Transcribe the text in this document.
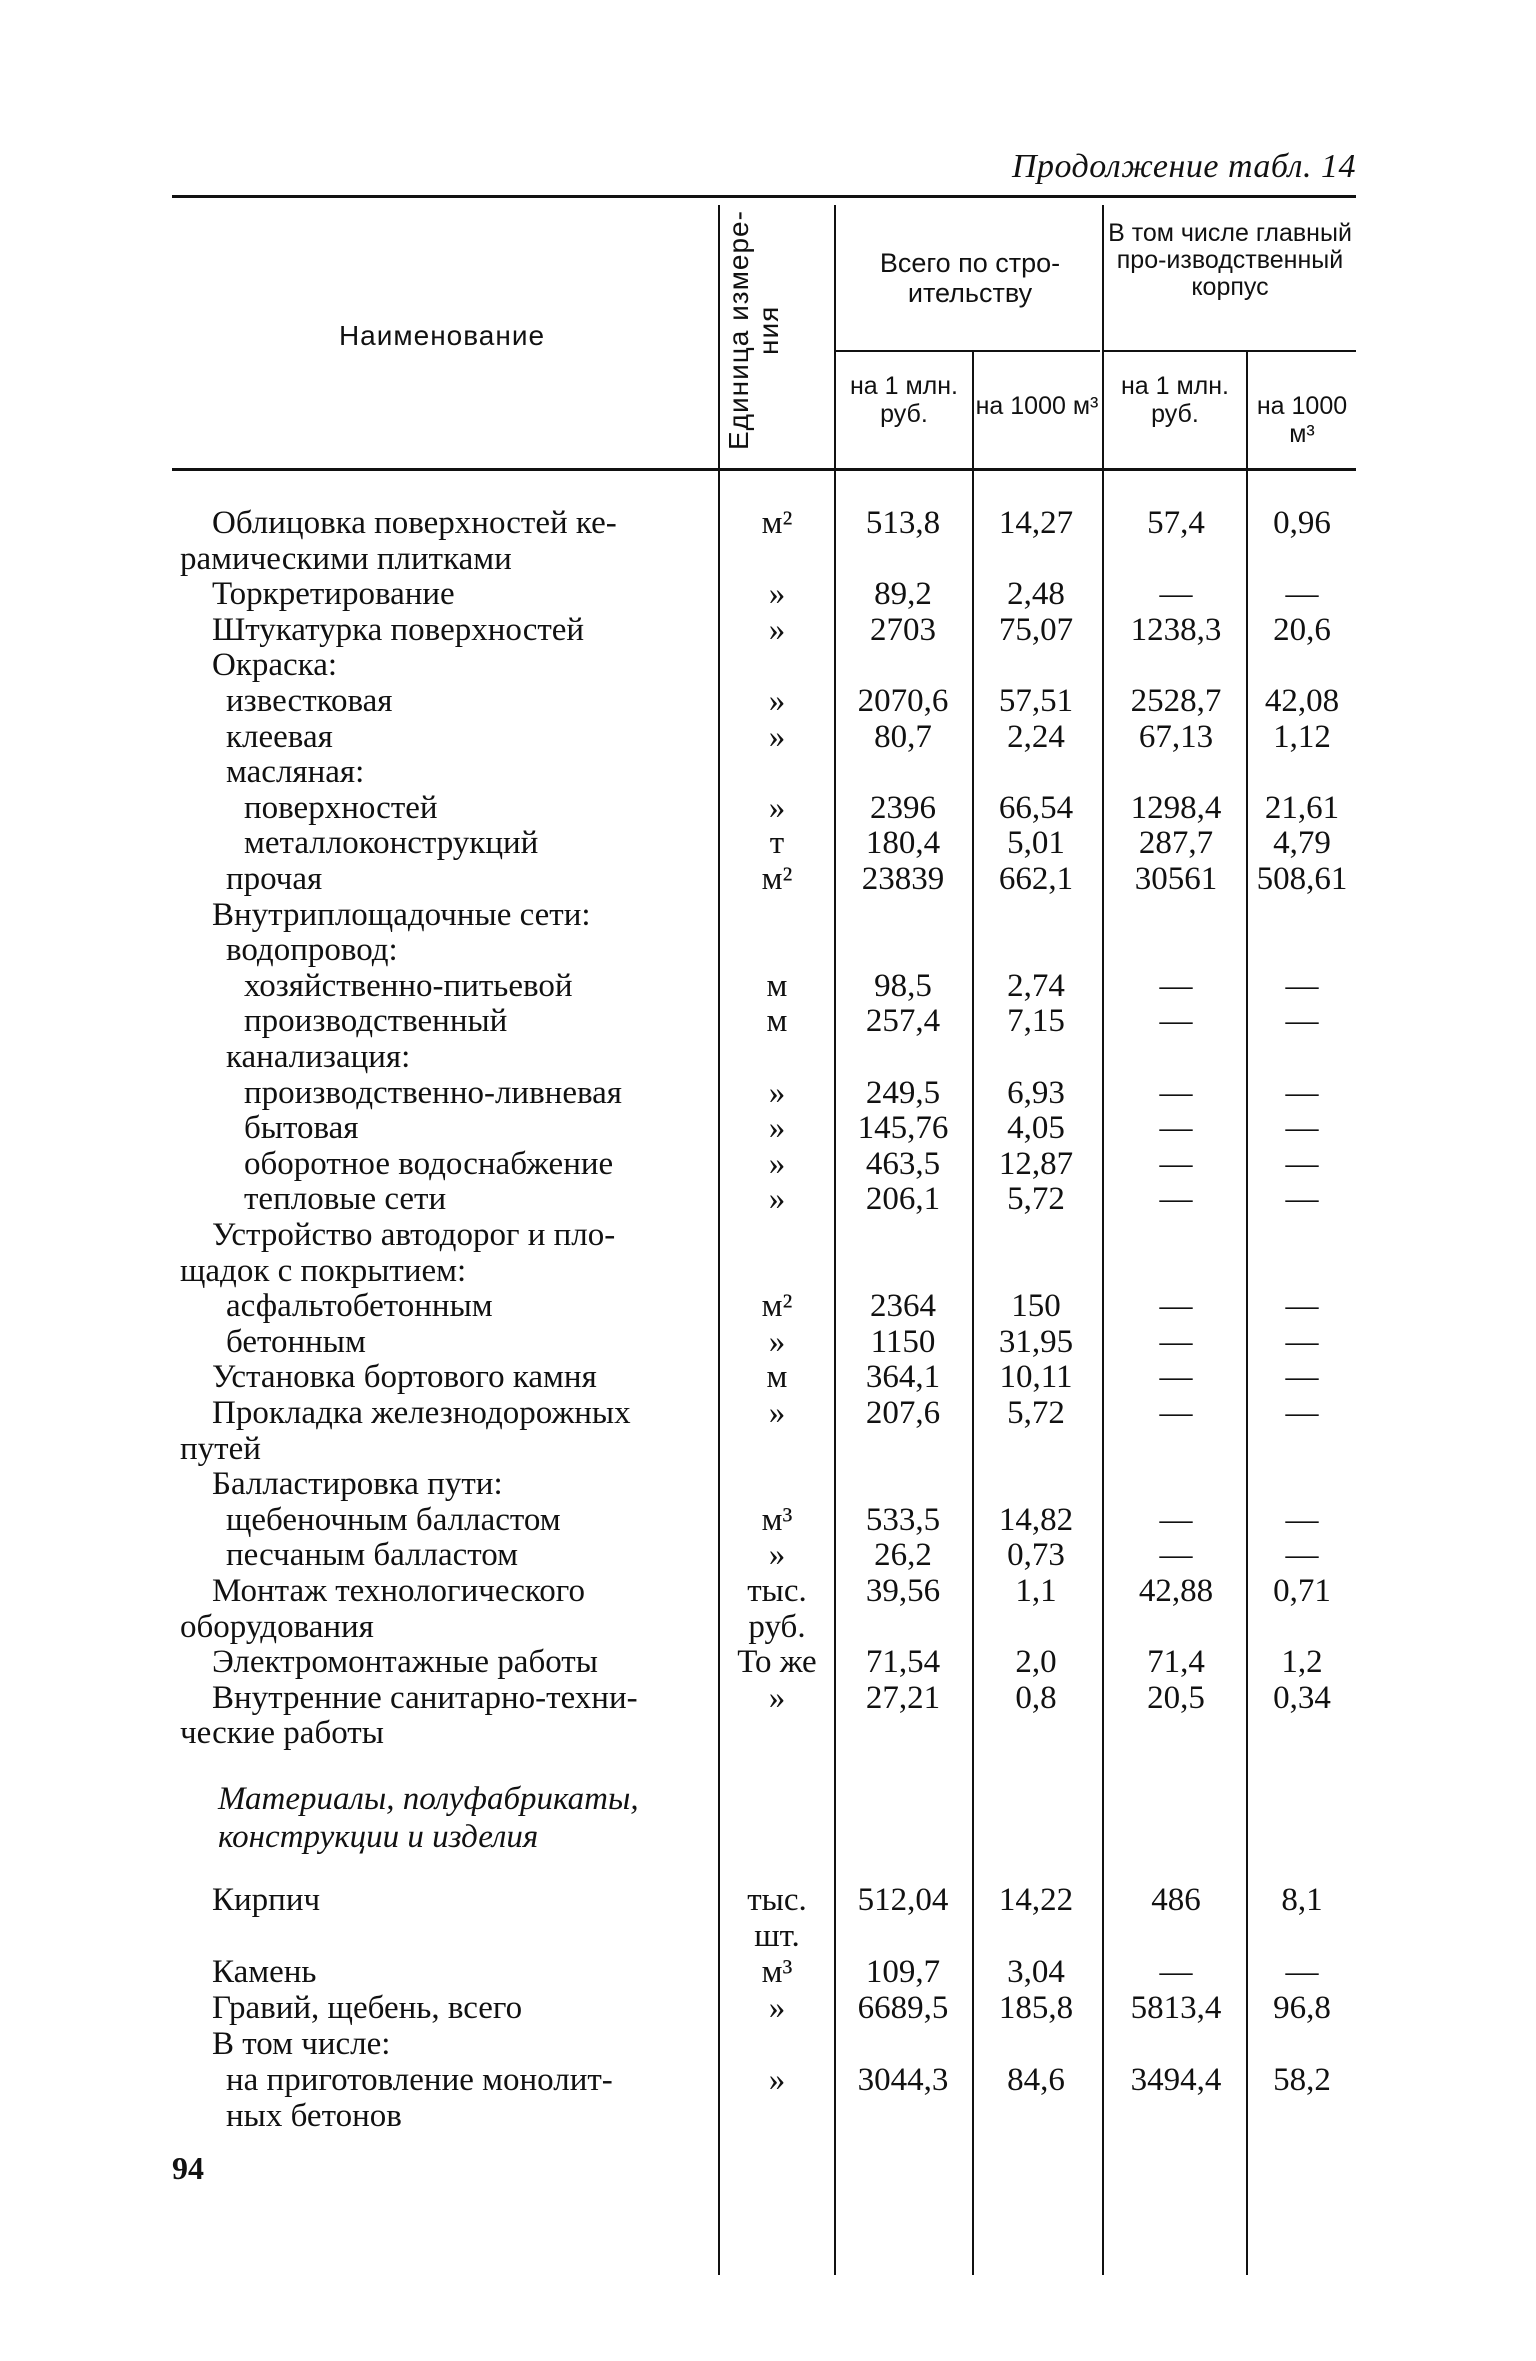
Продолжение табл. 14
Наименование	Единица измере-ния
Всего по стро-ительству
В том числе главный про-изводственный корпус
на 1 млн. руб.	на 1000 м³
на 1 млн. руб.	на 1000 м³
Облицовка поверхностей ке-	м²	513,8	14,27	57,4	0,96
рамическими плитками
Торкретирование	»	89,2	2,48	—	—
Штукатурка поверхностей	»	2703	75,07	1238,3	20,6
Окраска:
известковая	»	2070,6	57,51	2528,7	42,08
клеевая	»	80,7	2,24	67,13	1,12
масляная:
поверхностей	»	2396	66,54	1298,4	21,61
металлоконструкций	т	180,4	5,01	287,7	4,79
прочая	м²	23839	662,1	30561	508,61
Внутриплощадочные сети:
водопровод:
хозяйственно-питьевой	м	98,5	2,74	—	—
производственный	м	257,4	7,15	—	—
канализация:
производственно-ливневая	»	249,5	6,93	—	—
бытовая	»	145,76	4,05	—	—
оборотное водоснабжение	»	463,5	12,87	—	—
тепловые сети	»	206,1	5,72	—	—
Устройство автодорог и пло-
щадок с покрытием:
асфальтобетонным	м²	2364	150	—	—
бетонным	»	1150	31,95	—	—
Установка бортового камня	м	364,1	10,11	—	—
Прокладка железнодорожных	»	207,6	5,72	—	—
путей
Балластировка пути:
щебеночным балластом	м³	533,5	14,82	—	—
песчаным балластом	»	26,2	0,73	—	—
Монтаж технологического	тыс.	39,56	1,1	42,88	0,71
оборудования	руб.
Электромонтажные работы	То же	71,54	2,0	71,4	1,2
Внутренние санитарно-техни-	»	27,21	0,8	20,5	0,34
ческие работы
Кирпич	тыс.	512,04	14,22	486	8,1
шт.
Камень	м³	109,7	3,04	—	—
Гравий, щебень, всего	»	6689,5	185,8	5813,4	96,8
В том числе:
на приготовление монолит-	»	3044,3	84,6	3494,4	58,2
ных бетонов
Материалы, полуфабрикаты, конструкции и изделия
94
